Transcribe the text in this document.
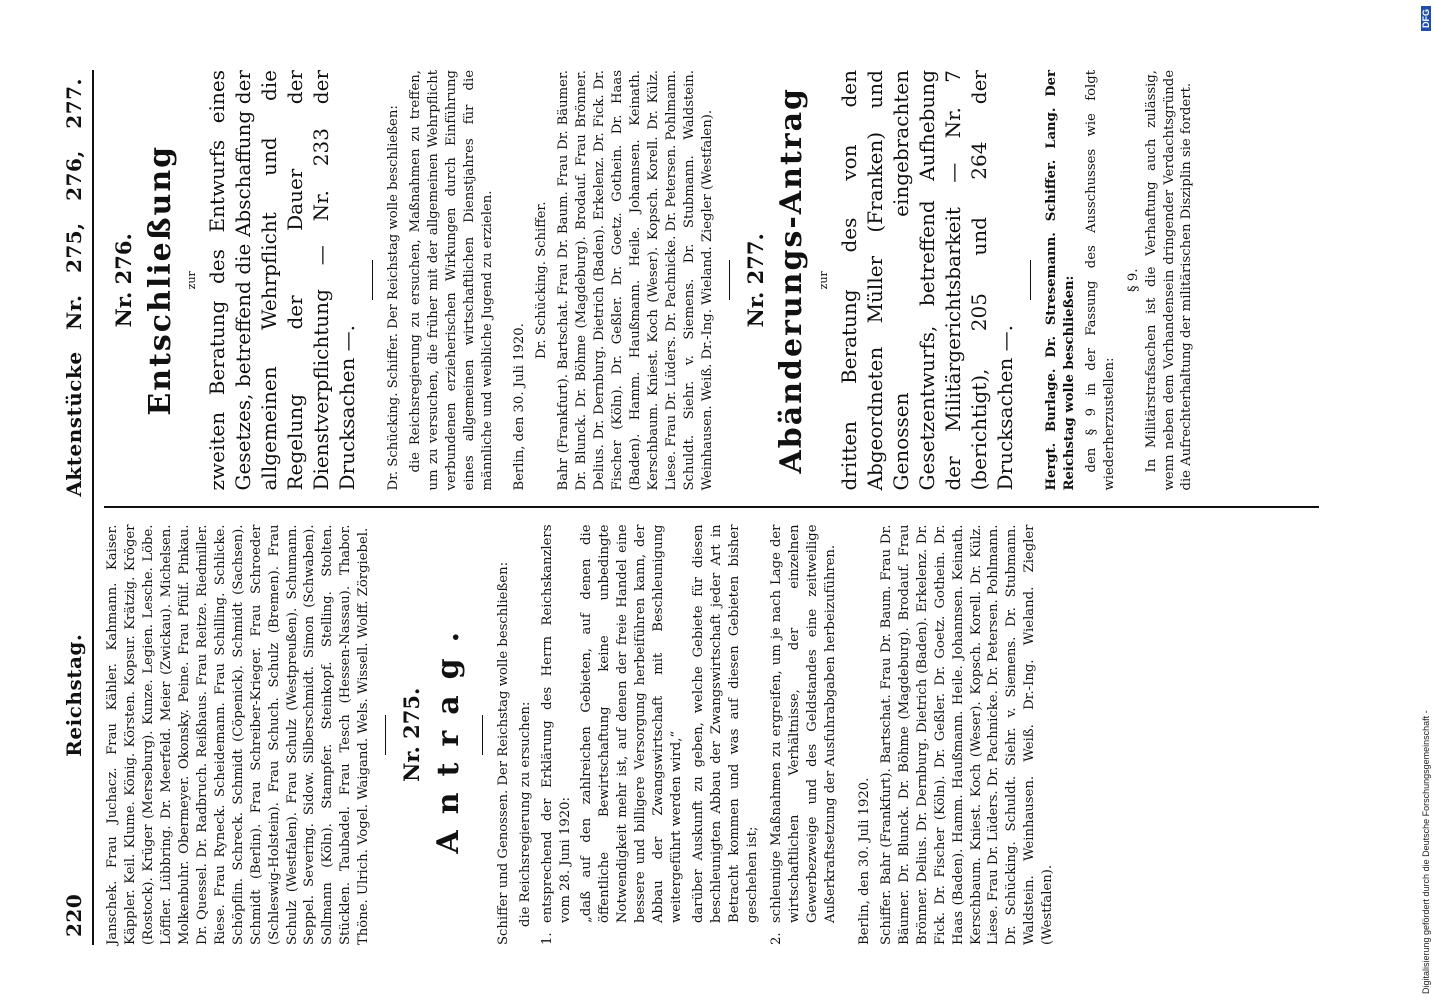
220
Reichstag.
Aktenstücke Nr. 275, 276, 277.

Janschek. Frau Juchacz. Frau Kähler. Kahmann. Kaiser. Käppler. Keil. Klume. König. Körsten. Kopsur. Krätzig. Kröger (Rostock). Krüger (Merseburg). Kunze. Legien. Lesche. Löbe. Löffler. Lübbring. Dr. Meerfeld. Meier (Zwickau). Michelsen. Molkenbuhr. Obermeyer. Okonsky. Peine. Frau Pfülf. Pinkau. Dr. Quessel. Dr. Radbruch. Reißhaus. Frau Reitze. Riedmiller. Riese. Frau Ryneck. Scheidemann. Frau Schilling. Schlicke. Schöpflin. Schreck. Schmidt (Cöpenick). Schmidt (Sachsen). Schmidt (Berlin). Frau Schreiber-Krieger. Frau Schroeder (Schleswig-Holstein). Frau Schuch. Schulz (Bremen). Frau Schulz (Westfalen). Frau Schulz (Westpreußen). Schumann. Seppel. Severing. Sidow. Silberschmidt. Simon (Schwaben). Sollmann (Köln). Stampfer. Steinkopf. Stelling. Stolten. Stücklen. Taubadel. Frau Tesch (Hessen-Nassau). Thabor. Thöne. Ulrich. Vogel. Waigand. Wels. Wissell. Wolff. Zörgiebel. Nr. 275. Antrag. Schiffer und Genossen. Der Reichstag wolle beschließen: die Reichsregierung zu ersuchen:

1.

entsprechend der Erklärung des Herrn Reichskanzlers vom 28. Juni 1920: „daß auf den zahlreichen Gebieten, auf denen die öffentliche Bewirtschaftung keine unbedingte Notwendigkeit mehr ist, auf denen der freie Handel eine bessere und billigere Versorgung herbeiführen kann, der Abbau der Zwangswirtschaft mit Beschleunigung weitergeführt werden wird,“ darüber Auskunft zu geben, welche Gebiete für diesen beschleunigten Abbau der Zwangswirtschaft jeder Art in Betracht kommen und was auf diesen Gebieten bisher geschehen ist;

2.

schleunige Maßnahmen zu ergreifen, um je nach Lage der wirtschaftlichen Verhältnisse, der einzelnen Gewerbezweige und des Geldstandes eine zeitweilige Außerkraftsetzung der Ausfuhrabgaben herbeizuführen. Berlin, den 30. Juli 1920. Schiffer. Bahr (Frankfurt). Bartschat. Frau Dr. Baum. Frau Dr. Bäumer. Dr. Blunck. Dr. Böhme (Magdeburg). Brodauf. Frau Brönner. Delius. Dr. Dernburg. Dietrich (Baden). Erkelenz. Dr. Fick. Dr. Fischer (Köln). Dr. Geßler. Dr. Goetz. Gothein. Dr. Haas (Baden). Hamm. Haußmann. Heile. Johannsen. Keinath. Kerschbaum. Kniest. Koch (Weser). Kopsch. Korell. Dr. Külz. Liese. Frau Dr. Lüders. Dr. Pachnicke. Dr. Petersen. Pohlmann. Dr. Schücking. Schuldt. Siehr. v. Siemens. Dr. Stubmann. Waldstein. Weinhausen. Weiß. Dr.-Ing. Wieland. Ziegler (Westfalen).

Nr. 276. Entschließung zur zweiten Beratung des Entwurfs eines Gesetzes, betreffend die Abschaffung der allgemeinen Wehrpflicht und die Regelung der Dauer der Dienstverpflichtung — Nr. 233 der Drucksachen —. Dr. Schücking. Schiffer. Der Reichstag wolle beschließen: die Reichsregierung zu ersuchen, Maßnahmen zu treffen, um zu versuchen, die früher mit der allgemeinen Wehrpflicht verbundenen erzieherischen Wirkungen durch Einführung eines allgemeinen wirtschaftlichen Dienstjahres für die männliche und weibliche Jugend zu erzielen. Berlin, den 30. Juli 1920.

Dr. Schücking. Schiffer. Bahr (Frankfurt). Bartschat. Frau Dr. Baum. Frau Dr. Bäumer. Dr. Blunck. Dr. Böhme (Magdeburg). Brodauf. Frau Brönner. Delius. Dr. Dernburg. Dietrich (Baden). Erkelenz. Dr. Fick. Dr. Fischer (Köln). Dr. Geßler. Dr. Goetz. Gothein. Dr. Haas (Baden). Hamm. Haußmann. Heile. Johannsen. Keinath. Kerschbaum. Kniest. Koch (Weser). Kopsch. Korell. Dr. Külz. Liese. Frau Dr. Lüders. Dr. Pachnicke. Dr. Petersen. Pohlmann. Schuldt. Siehr. v. Siemens. Dr. Stubmann. Waldstein. Weinhausen. Weiß. Dr.-Ing. Wieland. Ziegler (Westfalen). Nr. 277. Abänderungs-Antrag zur dritten Beratung des von den Abgeordneten Müller (Franken) und Genossen eingebrachten Gesetzentwurfs, betreffend Aufhebung der Militärgerichtsbarkeit — Nr. 7 (berichtigt), 205 und 264 der Drucksachen —. Hergt. Burlage. Dr. Stresemann. Schiffer. Lang. Der Reichstag wolle beschließen: den § 9 in der Fassung des Ausschusses wie folgt wiederherzustellen:

§ 9. In Militärstrafsachen ist die Verhaftung auch zulässig, wenn neben dem Vorhandensein dringender Verdachtsgründe die Aufrechterhaltung der militärischen Disziplin sie fordert.

Digitalisierung gefördert durch die Deutsche Forschungsgemeinschaft -
DFG
